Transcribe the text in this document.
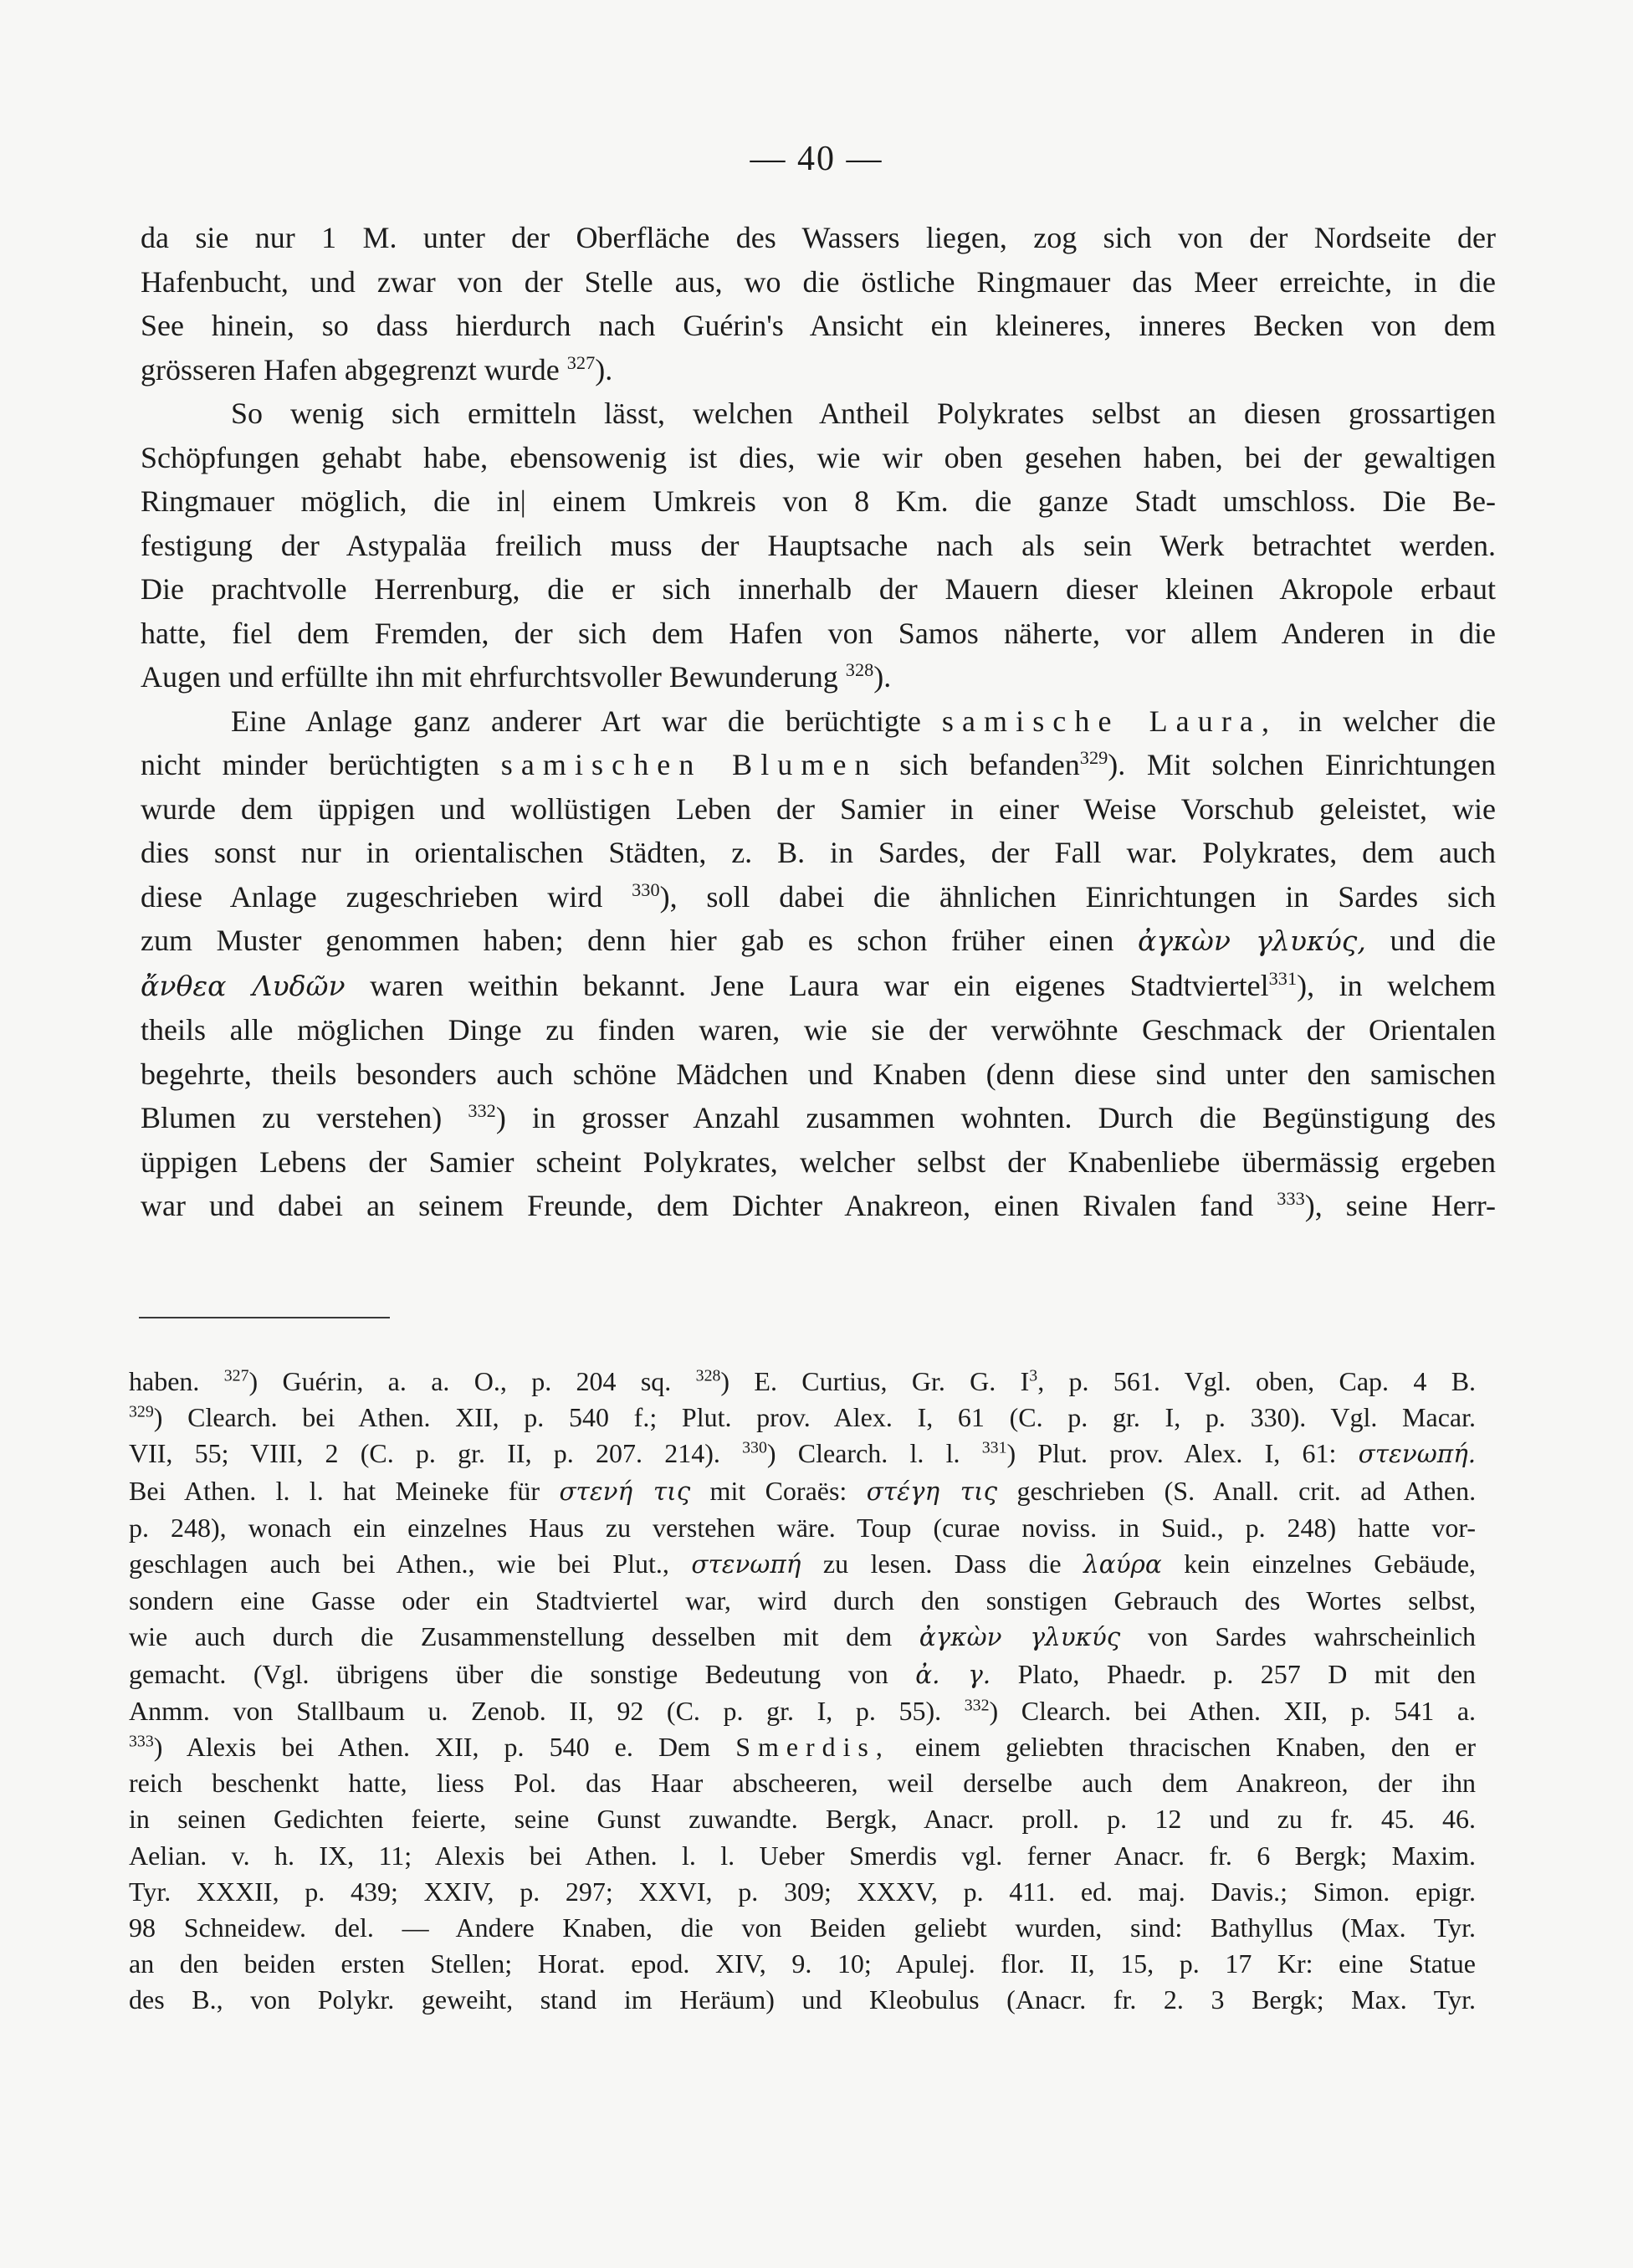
— 40 —
da sie nur 1 M. unter der Oberfläche des Wassers liegen, zog sich von der Nordseite der
Hafenbucht, und zwar von der Stelle aus, wo die östliche Ringmauer das Meer erreichte, in die
See hinein, so dass hierdurch nach Guérin's Ansicht ein kleineres, inneres Becken von dem
grösseren Hafen abgegrenzt wurde $^{327}$).
So wenig sich ermitteln lässt, welchen Antheil Polykrates selbst an diesen grossartigen
Schöpfungen gehabt habe, ebensowenig ist dies, wie wir oben gesehen haben, bei der gewaltigen
Ringmauer möglich, die in| einem Umkreis von 8 Km. die ganze Stadt umschloss. Die Be-
festigung der Astypaläa freilich muss der Hauptsache nach als sein Werk betrachtet werden.
Die prachtvolle Herrenburg, die er sich innerhalb der Mauern dieser kleinen Akropole erbaut
hatte, fiel dem Fremden, der sich dem Hafen von Samos näherte, vor allem Anderen in die
Augen und erfüllte ihn mit ehrfurchtsvoller Bewunderung $^{328}$).
Eine Anlage ganz anderer Art war die berüchtigte samische Laura, in welcher die
nicht minder berüchtigten samischen Blumen sich befanden$^{329}$). Mit solchen Einrichtungen
wurde dem üppigen und wollüstigen Leben der Samier in einer Weise Vorschub geleistet, wie
dies sonst nur in orientalischen Städten, z. B. in Sardes, der Fall war. Polykrates, dem auch
diese Anlage zugeschrieben wird $^{330}$), soll dabei die ähnlichen Einrichtungen in Sardes sich
zum Muster genommen haben; denn hier gab es schon früher einen ἀγκὼν γλυκύς, und die
ἄνθεα Λυδῶν waren weithin bekannt. Jene Laura war ein eigenes Stadtviertel$^{331}$), in welchem
theils alle möglichen Dinge zu finden waren, wie sie der verwöhnte Geschmack der Orientalen
begehrte, theils besonders auch schöne Mädchen und Knaben (denn diese sind unter den samischen
Blumen zu verstehen) $^{332}$) in grosser Anzahl zusammen wohnten. Durch die Begünstigung des
üppigen Lebens der Samier scheint Polykrates, welcher selbst der Knabenliebe übermässig ergeben
war und dabei an seinem Freunde, dem Dichter Anakreon, einen Rivalen fand $^{333}$), seine Herr-
haben. $^{327}$) Guérin, a. a. O., p. 204 sq. $^{328}$) E. Curtius, Gr. G. $I^3$, p. 561. Vgl. oben, Cap. 4 B.
$^{329}$) Clearch. bei Athen. XII, p. 540 f.; Plut. prov. Alex. I, 61 (C. p. gr. I, p. 330). Vgl. Macar.
VII, 55; VIII, 2 (C. p. gr. II, p. 207. 214). $^{330}$) Clearch. l. l. $^{331}$) Plut. prov. Alex. I, 61: στενωπή.
Bei Athen. l. l. hat Meineke für στενή τις mit Coraës: στέγη τις geschrieben (S. Anall. crit. ad Athen.
p. 248), wonach ein einzelnes Haus zu verstehen wäre. Toup (curae noviss. in Suid., p. 248) hatte vor-
geschlagen auch bei Athen., wie bei Plut., στενωπή zu lesen. Dass die λαύρα kein einzelnes Gebäude,
sondern eine Gasse oder ein Stadtviertel war, wird durch den sonstigen Gebrauch des Wortes selbst,
wie auch durch die Zusammenstellung desselben mit dem ἀγκὼν γλυκύς von Sardes wahrscheinlich
gemacht. (Vgl. übrigens über die sonstige Bedeutung von ἀ. γ. Plato, Phaedr. p. 257 D mit den
Anmm. von Stallbaum u. Zenob. II, 92 (C. p. gr. I, p. 55). $^{332}$) Clearch. bei Athen. XII, p. 541 a.
$^{333}$) Alexis bei Athen. XII, p. 540 e. Dem Smerdis, einem geliebten thracischen Knaben, den er
reich beschenkt hatte, liess Pol. das Haar abscheeren, weil derselbe auch dem Anakreon, der ihn
in seinen Gedichten feierte, seine Gunst zuwandte. Bergk, Anacr. proll. p. 12 und zu fr. 45. 46.
Aelian. v. h. IX, 11; Alexis bei Athen. l. l. Ueber Smerdis vgl. ferner Anacr. fr. 6 Bergk; Maxim.
Tyr. XXXII, p. 439; XXIV, p. 297; XXVI, p. 309; XXXV, p. 411. ed. maj. Davis.; Simon. epigr.
98 Schneidew. del. — Andere Knaben, die von Beiden geliebt wurden, sind: Bathyllus (Max. Tyr.
an den beiden ersten Stellen; Horat. epod. XIV, 9. 10; Apulej. flor. II, 15, p. 17 Kr: eine Statue
des B., von Polykr. geweiht, stand im Heräum) und Kleobulus (Anacr. fr. 2. 3 Bergk; Max. Tyr.
